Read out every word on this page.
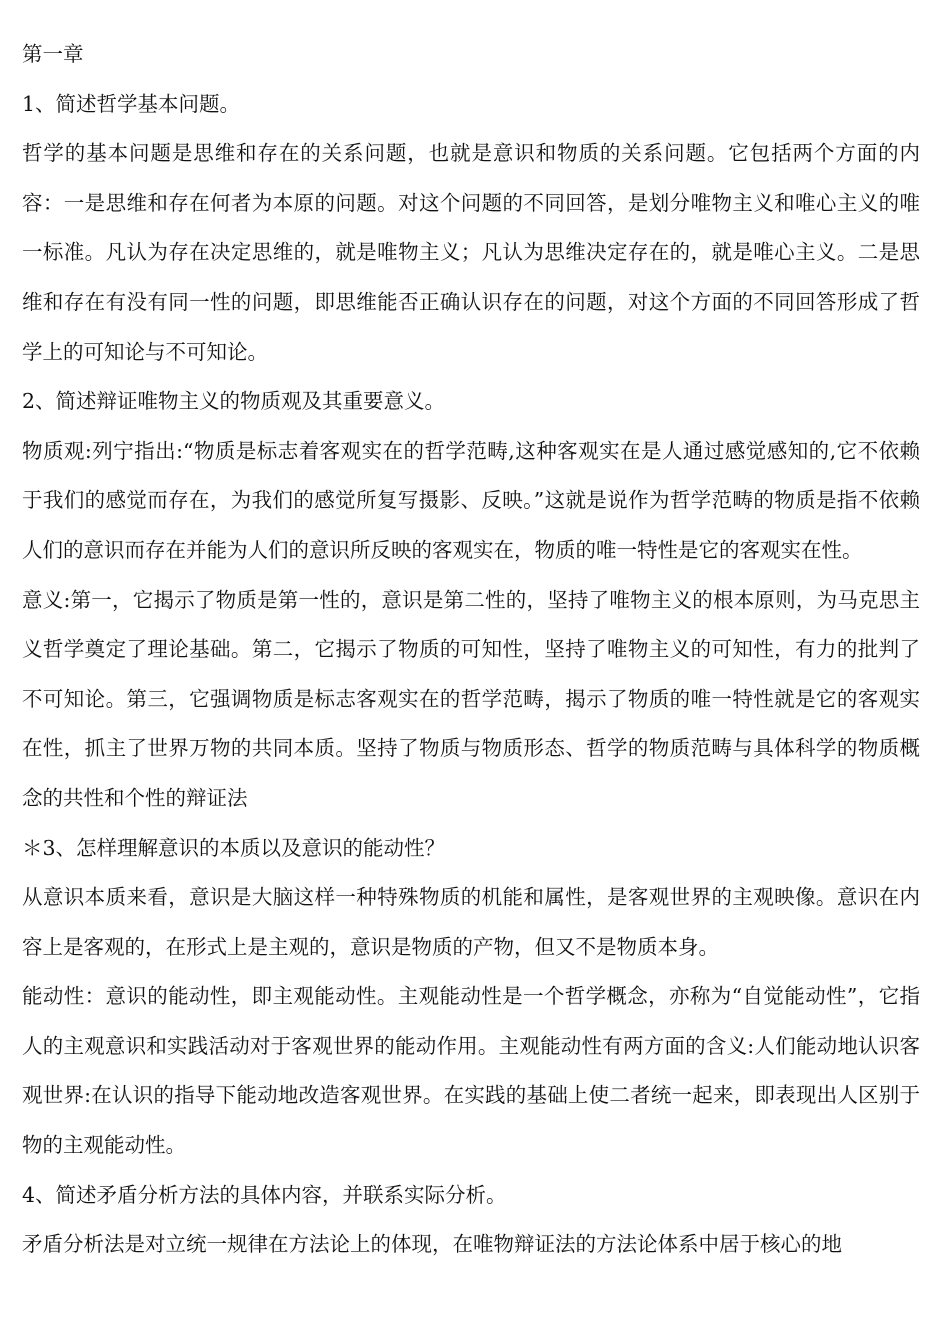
第一章

1、简述哲学基本问题。

哲学的基本问题是思维和存在的关系问题，也就是意识和物质的关系问题。它包括两个方面的内容：一是思维和存在何者为本原的问题。对这个问题的不同回答，是划分唯物主义和唯心主义的唯一标准。凡认为存在决定思维的，就是唯物主义；凡认为思维决定存在的，就是唯心主义。二是思维和存在有没有同一性的问题，即思维能否正确认识存在的问题，对这个方面的不同回答形成了哲学上的可知论与不可知论。

2、简述辩证唯物主义的物质观及其重要意义。

物质观:列宁指出:“物质是标志着客观实在的哲学范畴,这种客观实在是人通过感觉感知的,它不依赖于我们的感觉而存在，为我们的感觉所复写摄影、反映。”这就是说作为哲学范畴的物质是指不依赖人们的意识而存在并能为人们的意识所反映的客观实在，物质的唯一特性是它的客观实在性。

意义:第一，它揭示了物质是第一性的，意识是第二性的，坚持了唯物主义的根本原则，为马克思主义哲学奠定了理论基础。第二，它揭示了物质的可知性，坚持了唯物主义的可知性，有力的批判了不可知论。第三，它强调物质是标志客观实在的哲学范畴，揭示了物质的唯一特性就是它的客观实在性，抓主了世界万物的共同本质。坚持了物质与物质形态、哲学的物质范畴与具体科学的物质概念的共性和个性的辩证法

＊3、怎样理解意识的本质以及意识的能动性？

从意识本质来看，意识是大脑这样一种特殊物质的机能和属性，是客观世界的主观映像。意识在内容上是客观的，在形式上是主观的，意识是物质的产物，但又不是物质本身。

能动性：意识的能动性，即主观能动性。主观能动性是一个哲学概念，亦称为“自觉能动性”，它指人的主观意识和实践活动对于客观世界的能动作用。主观能动性有两方面的含义:人们能动地认识客观世界:在认识的指导下能动地改造客观世界。在实践的基础上使二者统一起来，即表现出人区别于物的主观能动性。

4、简述矛盾分析方法的具体内容，并联系实际分析。

矛盾分析法是对立统一规律在方法论上的体现，在唯物辩证法的方法论体系中居于核心的地
